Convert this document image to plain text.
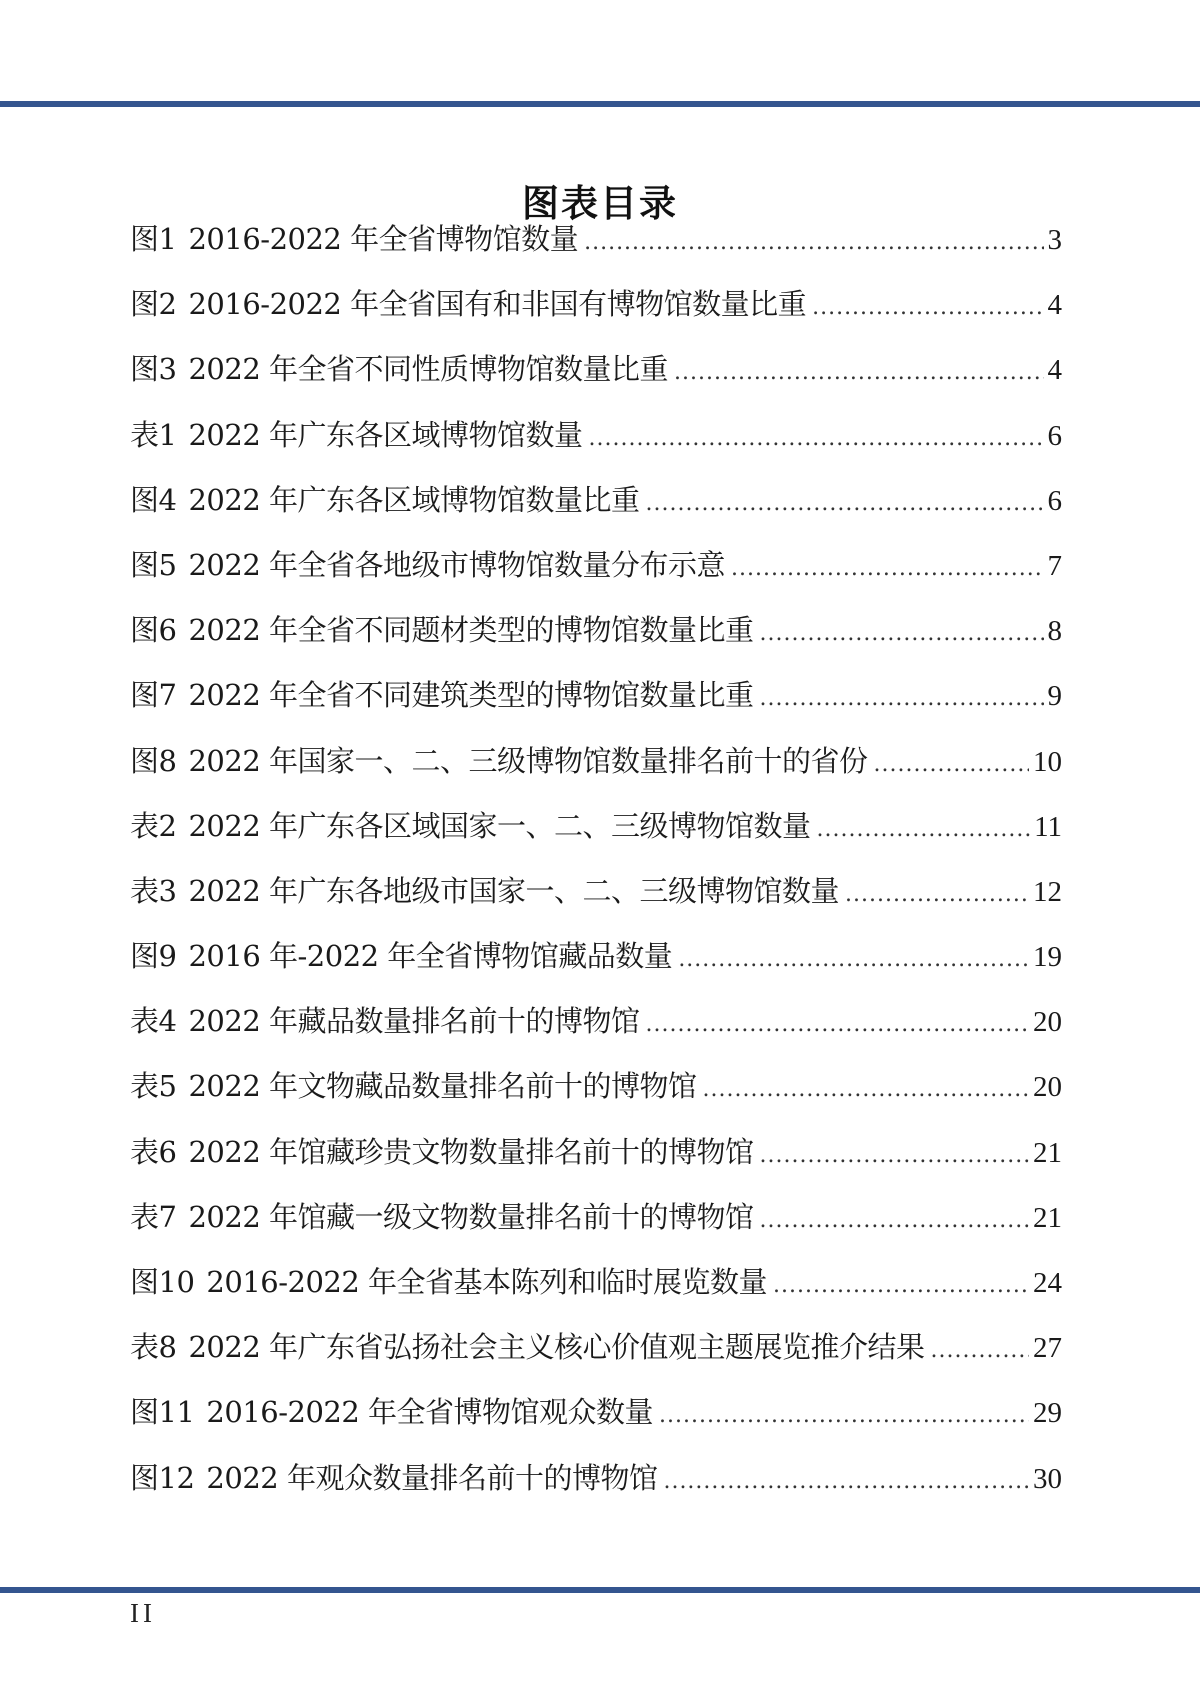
图表目录
图1 2016-2022 年全省博物馆数量 .....	3
图2 2016-2022 年全省国有和非国有博物馆数量比重 .....	4
图3 2022 年全省不同性质博物馆数量比重 .....	4
表1 2022 年广东各区域博物馆数量 .....	6
图4 2022 年广东各区域博物馆数量比重 .....	6
图5 2022 年全省各地级市博物馆数量分布示意 .....	7
图6 2022 年全省不同题材类型的博物馆数量比重 .....	8
图7 2022 年全省不同建筑类型的博物馆数量比重 .....	9
图8 2022 年国家一、二、三级博物馆数量排名前十的省份 .....	10
表2 2022 年广东各区域国家一、二、三级博物馆数量 .....	11
表3 2022 年广东各地级市国家一、二、三级博物馆数量 .....	12
图9 2016 年-2022 年全省博物馆藏品数量 .....	19
表4 2022 年藏品数量排名前十的博物馆 .....	20
表5 2022 年文物藏品数量排名前十的博物馆 .....	20
表6 2022 年馆藏珍贵文物数量排名前十的博物馆 .....	21
表7 2022 年馆藏一级文物数量排名前十的博物馆 .....	21
图10 2016-2022 年全省基本陈列和临时展览数量 .....	24
表8 2022 年广东省弘扬社会主义核心价值观主题展览推介结果 .....	27
图11 2016-2022 年全省博物馆观众数量 .....	29
图12 2022 年观众数量排名前十的博物馆 .....	30
II
